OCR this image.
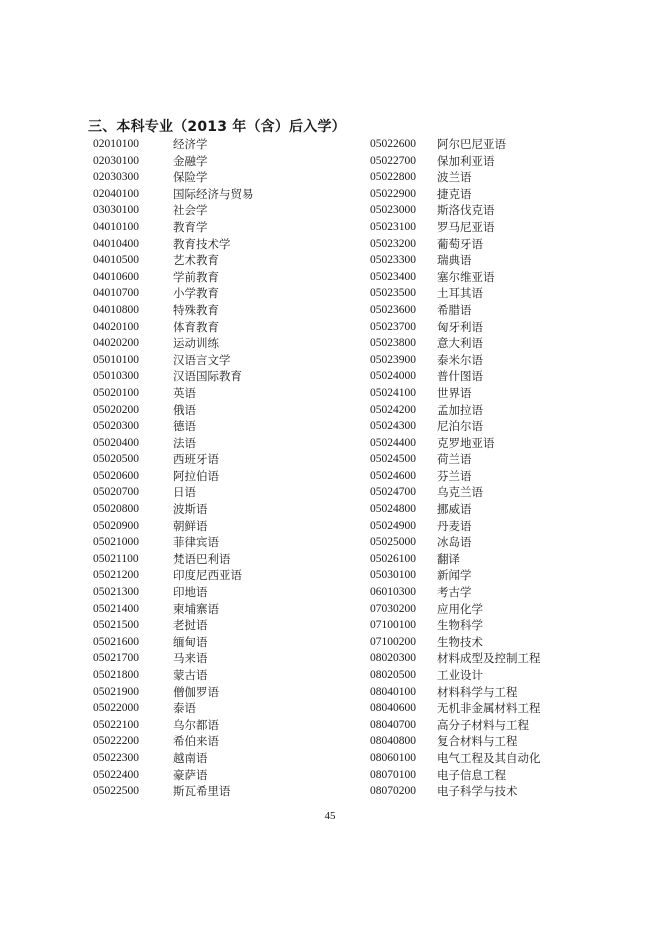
三、本科专业（2013 年（含）后入学）
02010100	经济学
02030100	金融学
02030300	保险学
02040100	国际经济与贸易
03030100	社会学
04010100	教育学
04010400	教育技术学
04010500	艺术教育
04010600	学前教育
04010700	小学教育
04010800	特殊教育
04020100	体育教育
04020200	运动训练
05010100	汉语言文学
05010300	汉语国际教育
05020100	英语
05020200	俄语
05020300	德语
05020400	法语
05020500	西班牙语
05020600	阿拉伯语
05020700	日语
05020800	波斯语
05020900	朝鲜语
05021000	菲律宾语
05021100	梵语巴利语
05021200	印度尼西亚语
05021300	印地语
05021400	柬埔寨语
05021500	老挝语
05021600	缅甸语
05021700	马来语
05021800	蒙古语
05021900	僧伽罗语
05022000	泰语
05022100	乌尔都语
05022200	希伯来语
05022300	越南语
05022400	豪萨语
05022500	斯瓦希里语
05022600 阿尔巴尼亚语
05022700 保加利亚语
05022800 波兰语
05022900 捷克语
05023000 斯洛伐克语
05023100 罗马尼亚语
05023200 葡萄牙语
05023300 瑞典语
05023400 塞尔维亚语
05023500 土耳其语
05023600 希腊语
05023700 匈牙利语
05023800 意大利语
05023900 泰米尔语
05024000 普什图语
05024100 世界语
05024200 孟加拉语
05024300 尼泊尔语
05024400 克罗地亚语
05024500 荷兰语
05024600 芬兰语
05024700 乌克兰语
05024800 挪威语
05024900 丹麦语
05025000 冰岛语
05026100 翻译
05030100 新闻学
06010300 考古学
07030200 应用化学
07100100 生物科学
07100200 生物技术
08020300 材料成型及控制工程
08020500 工业设计
08040100 材料科学与工程
08040600 无机非金属材料工程
08040700 高分子材料与工程
08040800 复合材料与工程
08060100 电气工程及其自动化
08070100 电子信息工程
08070200 电子科学与技术
45
